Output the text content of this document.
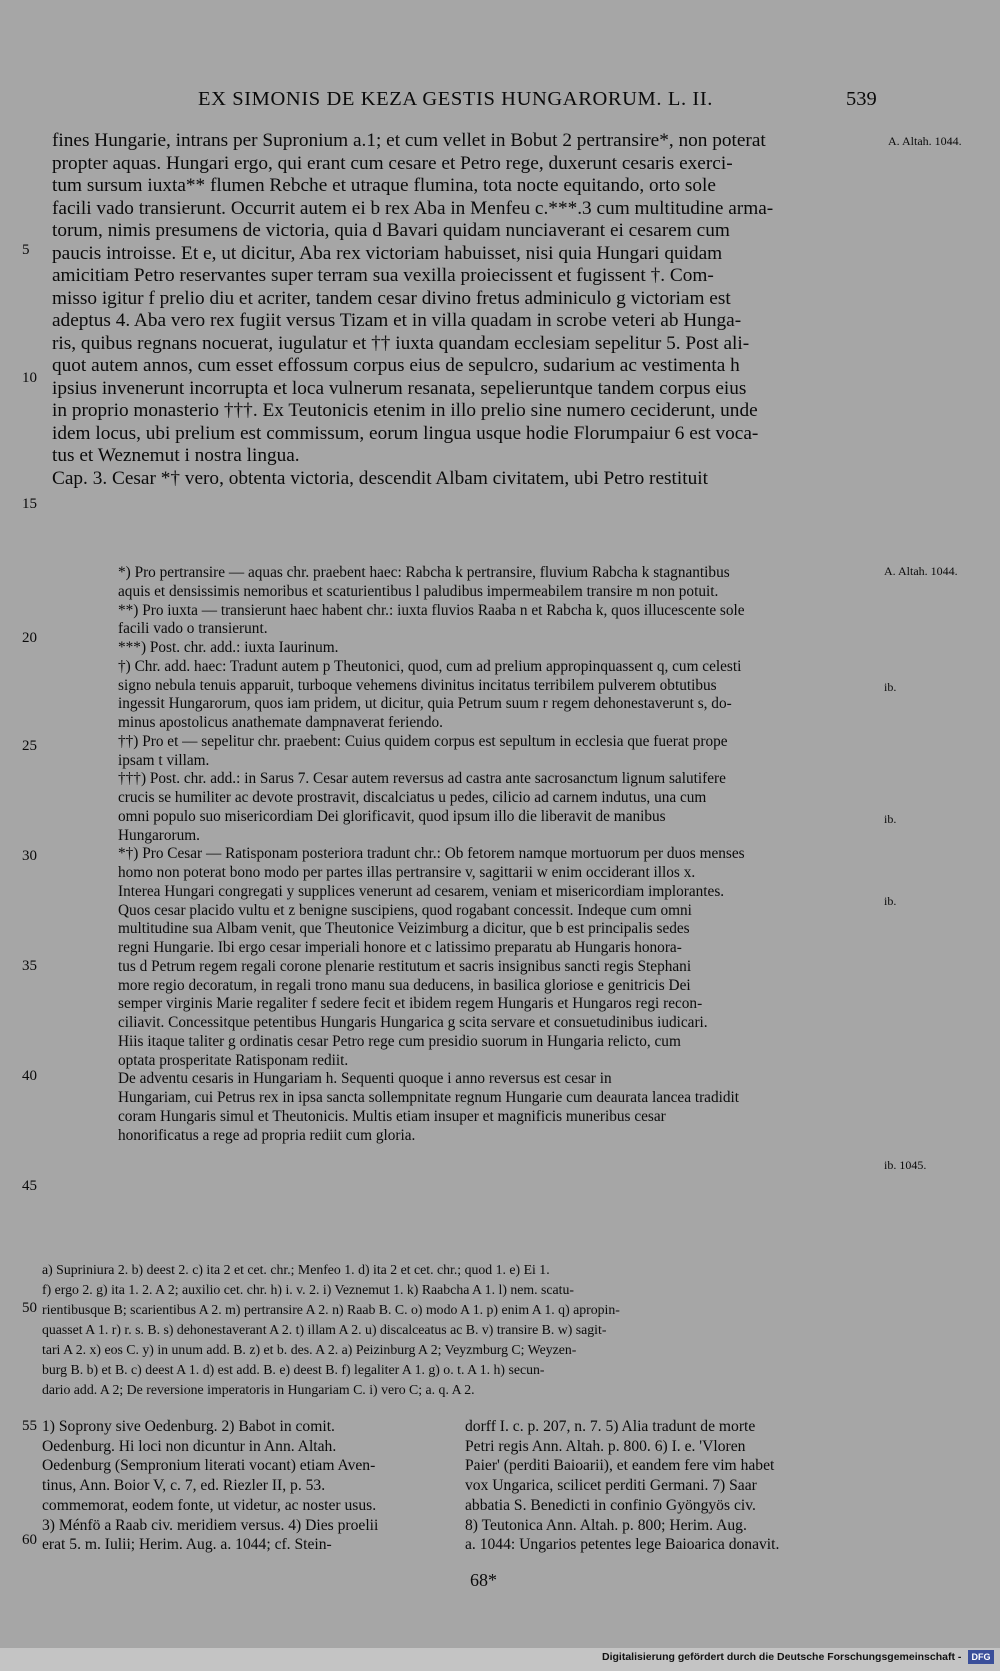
EX SIMONIS DE KEZA GESTIS HUNGARORUM. L. II.	539
A. Altah. 1044.
A. Altah. 1044.
ib.
ib.
ib.
ib. 1045.
5
10
15
20
25
30
35
40
45
50
55
60
fines Hungarie, intrans per Supronium a.1; et cum vellet in Bobut 2 pertransire*, non poterat
propter aquas. Hungari ergo, qui erant cum cesare et Petro rege, duxerunt cesaris exerci-
tum sursum iuxta** flumen Rebche et utraque flumina, tota nocte equitando, orto sole
facili vado transierunt. Occurrit autem ei b rex Aba in Menfeu c.***.3 cum multitudine arma-
torum, nimis presumens de victoria, quia d Bavari quidam nunciaverant ei cesarem cum
paucis introisse. Et e, ut dicitur, Aba rex victoriam habuisset, nisi quia Hungari quidam
amicitiam Petro reservantes super terram sua vexilla proiecissent et fugissent †. Com-
misso igitur f prelio diu et acriter, tandem cesar divino fretus adminiculo g victoriam est
adeptus 4. Aba vero rex fugiit versus Tizam et in villa quadam in scrobe veteri ab Hunga-
ris, quibus regnans nocuerat, iugulatur et †† iuxta quandam ecclesiam sepelitur 5. Post ali-
quot autem annos, cum esset effossum corpus eius de sepulcro, sudarium ac vestimenta h
ipsius invenerunt incorrupta et loca vulnerum resanata, sepelieruntque tandem corpus eius
in proprio monasterio †††. Ex Teutonicis etenim in illo prelio sine numero ceciderunt, unde
idem locus, ubi prelium est commissum, eorum lingua usque hodie Florumpaiur 6 est voca-
tus et Weznemut i nostra lingua.
Cap. 3. Cesar *† vero, obtenta victoria, descendit Albam civitatem, ubi Petro restituit
*) Pro pertransire — aquas chr. praebent haec: Rabcha k pertransire, fluvium Rabcha k stagnantibus
aquis et densissimis nemoribus et scaturientibus l paludibus impermeabilem transire m non potuit.
**) Pro iuxta — transierunt haec habent chr.: iuxta fluvios Raaba n et Rabcha k, quos illucescente sole
facili vado o transierunt.
***) Post. chr. add.: iuxta Iaurinum.
†) Chr. add. haec: Tradunt autem p Theutonici, quod, cum ad prelium appropinquassent q, cum celesti
signo nebula tenuis apparuit, turboque vehemens divinitus incitatus terribilem pulverem obtutibus
ingessit Hungarorum, quos iam pridem, ut dicitur, quia Petrum suum r regem dehonestaverunt s, do-
minus apostolicus anathemate dampnaverat feriendo.
††) Pro et — sepelitur chr. praebent: Cuius quidem corpus est sepultum in ecclesia que fuerat prope
ipsam t villam.
†††) Post. chr. add.: in Sarus 7. Cesar autem reversus ad castra ante sacrosanctum lignum salutifere
crucis se humiliter ac devote prostravit, discalciatus u pedes, cilicio ad carnem indutus, una cum
omni populo suo misericordiam Dei glorificavit, quod ipsum illo die liberavit de manibus
Hungarorum.
*†) Pro Cesar — Ratisponam posteriora tradunt chr.: Ob fetorem namque mortuorum per duos menses
homo non poterat bono modo per partes illas pertransire v, sagittarii w enim occiderant illos x.
Interea Hungari congregati y supplices venerunt ad cesarem, veniam et misericordiam implorantes.
Quos cesar placido vultu et z benigne suscipiens, quod rogabant concessit. Indeque cum omni
multitudine sua Albam venit, que Theutonice Veizimburg a dicitur, que b est principalis sedes
regni Hungarie. Ibi ergo cesar imperiali honore et c latissimo preparatu ab Hungaris honora-
tus d Petrum regem regali corone plenarie restitutum et sacris insignibus sancti regis Stephani
more regio decoratum, in regali trono manu sua deducens, in basilica gloriose e genitricis Dei
semper virginis Marie regaliter f sedere fecit et ibidem regem Hungaris et Hungaros regi recon-
ciliavit. Concessitque petentibus Hungaris Hungarica g scita servare et consuetudinibus iudicari.
Hiis itaque taliter g ordinatis cesar Petro rege cum presidio suorum in Hungaria relicto, cum
optata prosperitate Ratisponam rediit.
De adventu cesaris in Hungariam h. Sequenti quoque i anno reversus est cesar in
Hungariam, cui Petrus rex in ipsa sancta sollempnitate regnum Hungarie cum deaurata lancea tradidit
coram Hungaris simul et Theutonicis. Multis etiam insuper et magnificis muneribus cesar
honorificatus a rege ad propria rediit cum gloria.
a) Supriniura 2. b) deest 2. c) ita 2 et cet. chr.; Menfeo 1. d) ita 2 et cet. chr.; quod 1. e) Ei 1.
f) ergo 2. g) ita 1. 2. A 2; auxilio cet. chr. h) i. v. 2. i) Veznemut 1. k) Raabcha A 1. l) nem. scatu-
rientibusque B; scarientibus A 2. m) pertransire A 2. n) Raab B. C. o) modo A 1. p) enim A 1. q) apropin-
quasset A 1. r) r. s. B. s) dehonestaverant A 2. t) illam A 2. u) discalceatus ac B. v) transire B. w) sagit-
tari A 2. x) eos C. y) in unum add. B. z) et b. des. A 2. a) Peizinburg A 2; Veyzmburg C; Weyzen-
burg B. b) et B. c) deest A 1. d) est add. B. e) deest B. f) legaliter A 1. g) o. t. A 1. h) secun-
dario add. A 2; De reversione imperatoris in Hungariam C. i) vero C; a. q. A 2.
1) Soprony sive Oedenburg. 2) Babot in comit.
Oedenburg. Hi loci non dicuntur in Ann. Altah.
Oedenburg (Sempronium literati vocant) etiam Aven-
tinus, Ann. Boior V, c. 7, ed. Riezler II, p. 53.
commemorat, eodem fonte, ut videtur, ac noster usus.
3) Ménfö a Raab civ. meridiem versus. 4) Dies proelii
erat 5. m. Iulii; Herim. Aug. a. 1044; cf. Stein-
dorff I. c. p. 207, n. 7. 5) Alia tradunt de morte
Petri regis Ann. Altah. p. 800. 6) I. e. 'Vloren
Paier' (perditi Baioarii), et eandem fere vim habet
vox Ungarica, scilicet perditi Germani. 7) Saar
abbatia S. Benedicti in confinio Gyöngyös civ.
8) Teutonica Ann. Altah. p. 800; Herim. Aug.
a. 1044: Ungarios petentes lege Baioarica donavit.
68*
Digitalisierung gefördert durch die Deutsche Forschungsgemeinschaft -	DFG
